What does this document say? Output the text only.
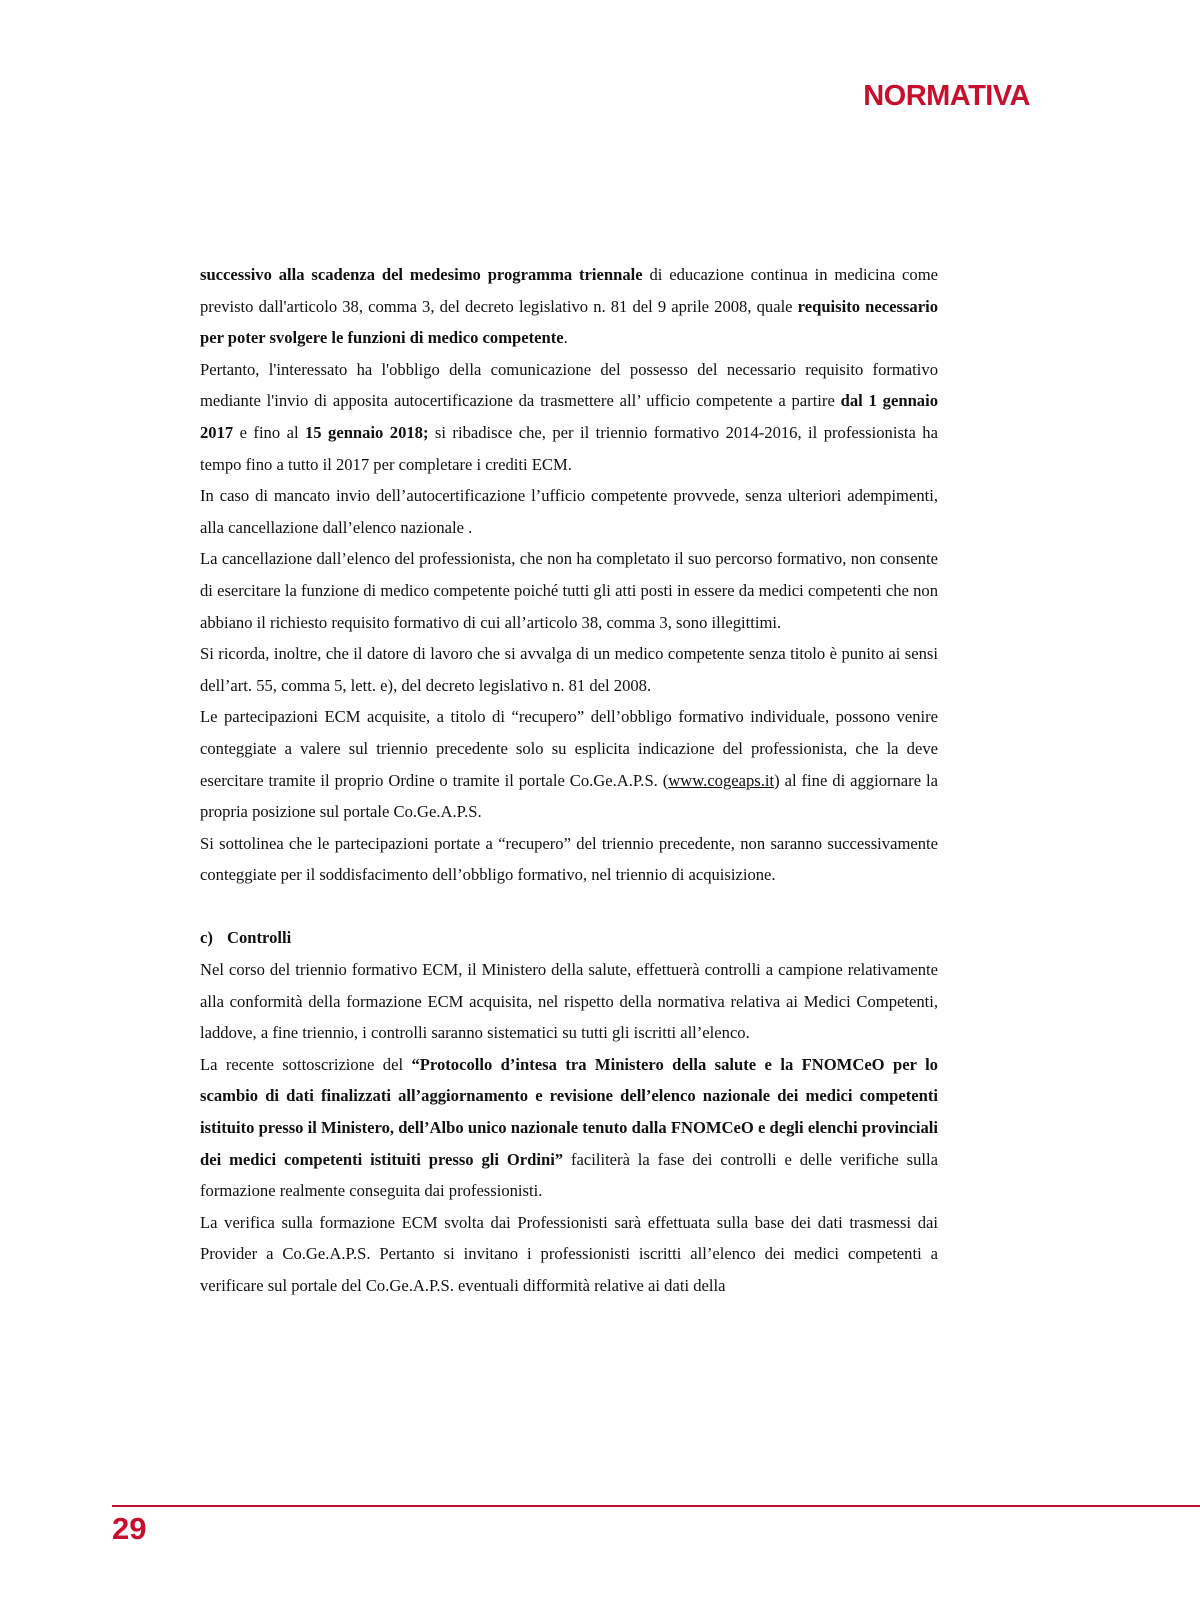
NORMATIVA

successivo alla scadenza del medesimo programma triennale di educazione continua in medicina come previsto dall'articolo 38, comma 3, del decreto legislativo n. 81 del 9 aprile 2008, quale requisito necessario per poter svolgere le funzioni di medico competente.

Pertanto, l'interessato ha l'obbligo della comunicazione del possesso del necessario requisito formativo mediante l'invio di apposita autocertificazione da trasmettere all’ ufficio competente a partire dal 1 gennaio 2017 e fino al 15 gennaio 2018; si ribadisce che, per il triennio formativo 2014-2016, il professionista ha tempo fino a tutto il 2017 per completare i crediti ECM.

In caso di mancato invio dell’autocertificazione l’ufficio competente provvede, senza ulteriori adempimenti, alla cancellazione dall’elenco nazionale .

La cancellazione dall’elenco del professionista, che non ha completato il suo percorso formativo, non consente di esercitare la funzione di medico competente poiché tutti gli atti posti in essere da medici competenti che non abbiano il richiesto requisito formativo di cui all’articolo 38, comma 3, sono illegittimi.

Si ricorda, inoltre, che il datore di lavoro che si avvalga di un medico competente senza titolo è punito ai sensi dell’art. 55, comma 5, lett. e), del decreto legislativo n. 81 del 2008.

Le partecipazioni ECM acquisite, a titolo di “recupero” dell’obbligo formativo individuale, possono venire conteggiate a valere sul triennio precedente solo su esplicita indicazione del professionista, che la deve esercitare tramite il proprio Ordine o tramite il portale Co.Ge.A.P.S. (www.cogeaps.it) al fine di aggiornare la propria posizione sul portale Co.Ge.A.P.S.

Si sottolinea che le partecipazioni portate a “recupero” del triennio precedente, non saranno successivamente conteggiate per il soddisfacimento dell’obbligo formativo, nel triennio di acquisizione.

c) Controlli

Nel corso del triennio formativo ECM, il Ministero della salute, effettuerà controlli a campione relativamente alla conformità della formazione ECM acquisita, nel rispetto della normativa relativa ai Medici Competenti, laddove, a fine triennio, i controlli saranno sistematici su tutti gli iscritti all’elenco.

La recente sottoscrizione del “Protocollo d’intesa tra Ministero della salute e la FNOMCeO per lo scambio di dati finalizzati all’aggiornamento e revisione dell’elenco nazionale dei medici competenti istituito presso il Ministero, dell’Albo unico nazionale tenuto dalla FNOMCeO e degli elenchi provinciali dei medici competenti istituiti presso gli Ordini” faciliterà la fase dei controlli e delle verifiche sulla formazione realmente conseguita dai professionisti.

La verifica sulla formazione ECM svolta dai Professionisti sarà effettuata sulla base dei dati trasmessi dai Provider a Co.Ge.A.P.S. Pertanto si invitano i professionisti iscritti all’elenco dei medici competenti a verificare sul portale del Co.Ge.A.P.S. eventuali difformità relative ai dati della

29
